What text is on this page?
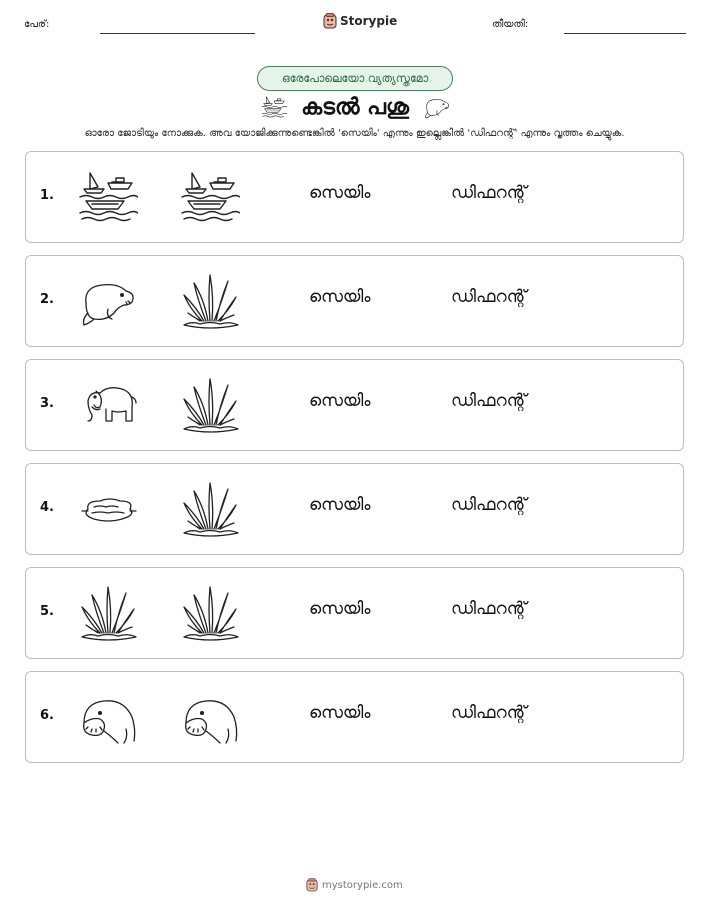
പേര്:	Storypie	തീയതി:
ഒരേപോലെയോ വ്യത്യസ്തമോ
കടൽ പശു
ഓരോ ജോടിയും നോക്കുക. അവ യോജിക്കുന്നുണ്ടെങ്കിൽ 'സെയിം' എന്നും ഇല്ലെങ്കിൽ 'ഡിഫറന്റ്' എന്നും വൃത്തം ചെയ്യുക.
1.	സെയിം	ഡിഫറന്റ്
2.	സെയിം	ഡിഫറന്റ്
3.	സെയിം	ഡിഫറന്റ്
4.	സെയിം	ഡിഫറന്റ്
5.	സെയിം	ഡിഫറന്റ്
6.	സെയിം	ഡിഫറന്റ്
mystorypie.com
